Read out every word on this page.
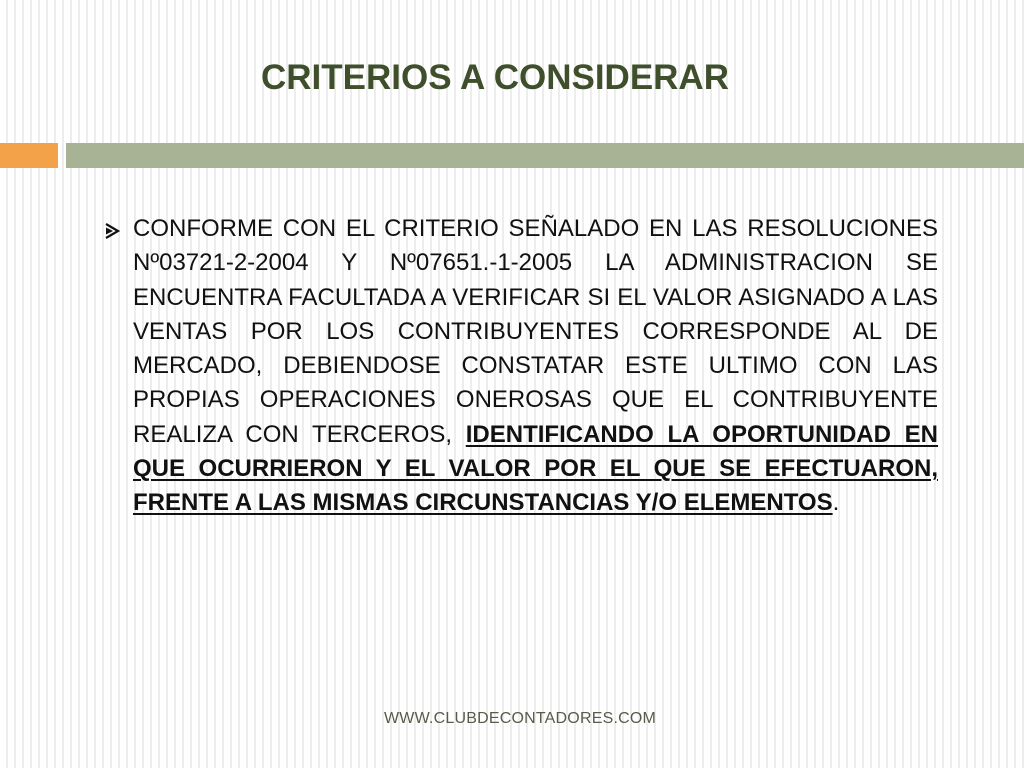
CRITERIOS A CONSIDERAR

CONFORME CON EL CRITERIO SEÑALADO EN LAS RESOLUCIONES Nº03721-2-2004 Y Nº07651.-1-2005 LA ADMINISTRACION SE ENCUENTRA FACULTADA A VERIFICAR SI EL VALOR ASIGNADO A LAS VENTAS POR LOS CONTRIBUYENTES CORRESPONDE AL DE MERCADO, DEBIENDOSE CONSTATAR ESTE ULTIMO CON LAS PROPIAS OPERACIONES ONEROSAS QUE EL CONTRIBUYENTE REALIZA CON TERCEROS, IDENTIFICANDO LA OPORTUNIDAD EN QUE OCURRIERON Y EL VALOR POR EL QUE SE EFECTUARON, FRENTE A LAS MISMAS CIRCUNSTANCIAS Y/O ELEMENTOS.

WWW.CLUBDECONTADORES.COM
